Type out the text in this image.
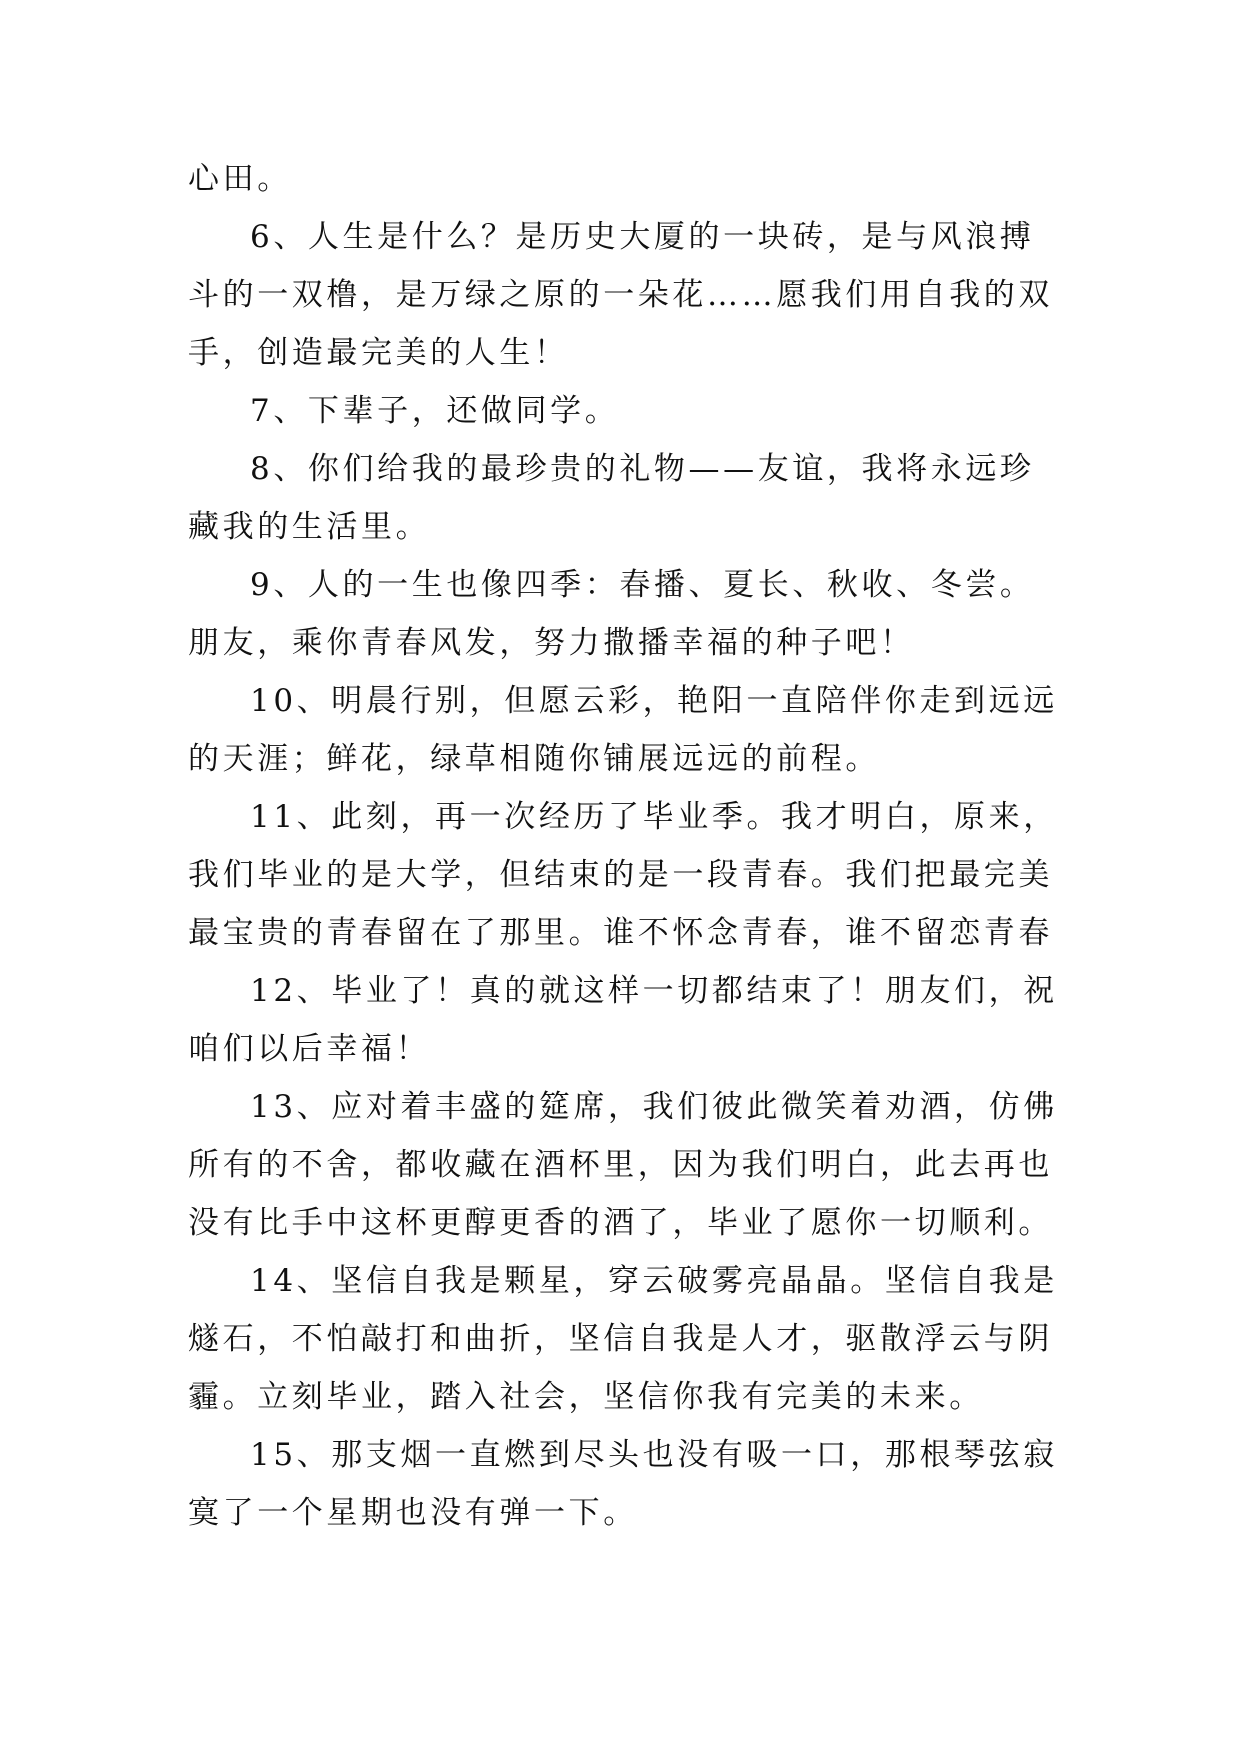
心田。

6、人生是什么？是历史大厦的一块砖，是与风浪搏斗的一双橹，是万绿之原的一朵花……愿我们用自我的双手，创造最完美的人生！

7、下辈子，还做同学。

8、你们给我的最珍贵的礼物——友谊，我将永远珍藏我的生活里。

9、人的一生也像四季：春播、夏长、秋收、冬尝。朋友，乘你青春风发，努力撒播幸福的种子吧！

10、明晨行别，但愿云彩，艳阳一直陪伴你走到远远的天涯；鲜花，绿草相随你铺展远远的前程。

11、此刻，再一次经历了毕业季。我才明白，原来，我们毕业的是大学，但结束的是一段青春。我们把最完美最宝贵的青春留在了那里。谁不怀念青春，谁不留恋青春

12、毕业了！真的就这样一切都结束了！朋友们，祝咱们以后幸福！

13、应对着丰盛的筵席，我们彼此微笑着劝酒，仿佛所有的不舍，都收藏在酒杯里，因为我们明白，此去再也没有比手中这杯更醇更香的酒了，毕业了愿你一切顺利。

14、坚信自我是颗星，穿云破雾亮晶晶。坚信自我是燧石，不怕敲打和曲折，坚信自我是人才，驱散浮云与阴霾。立刻毕业，踏入社会，坚信你我有完美的未来。

15、那支烟一直燃到尽头也没有吸一口，那根琴弦寂寞了一个星期也没有弹一下。
